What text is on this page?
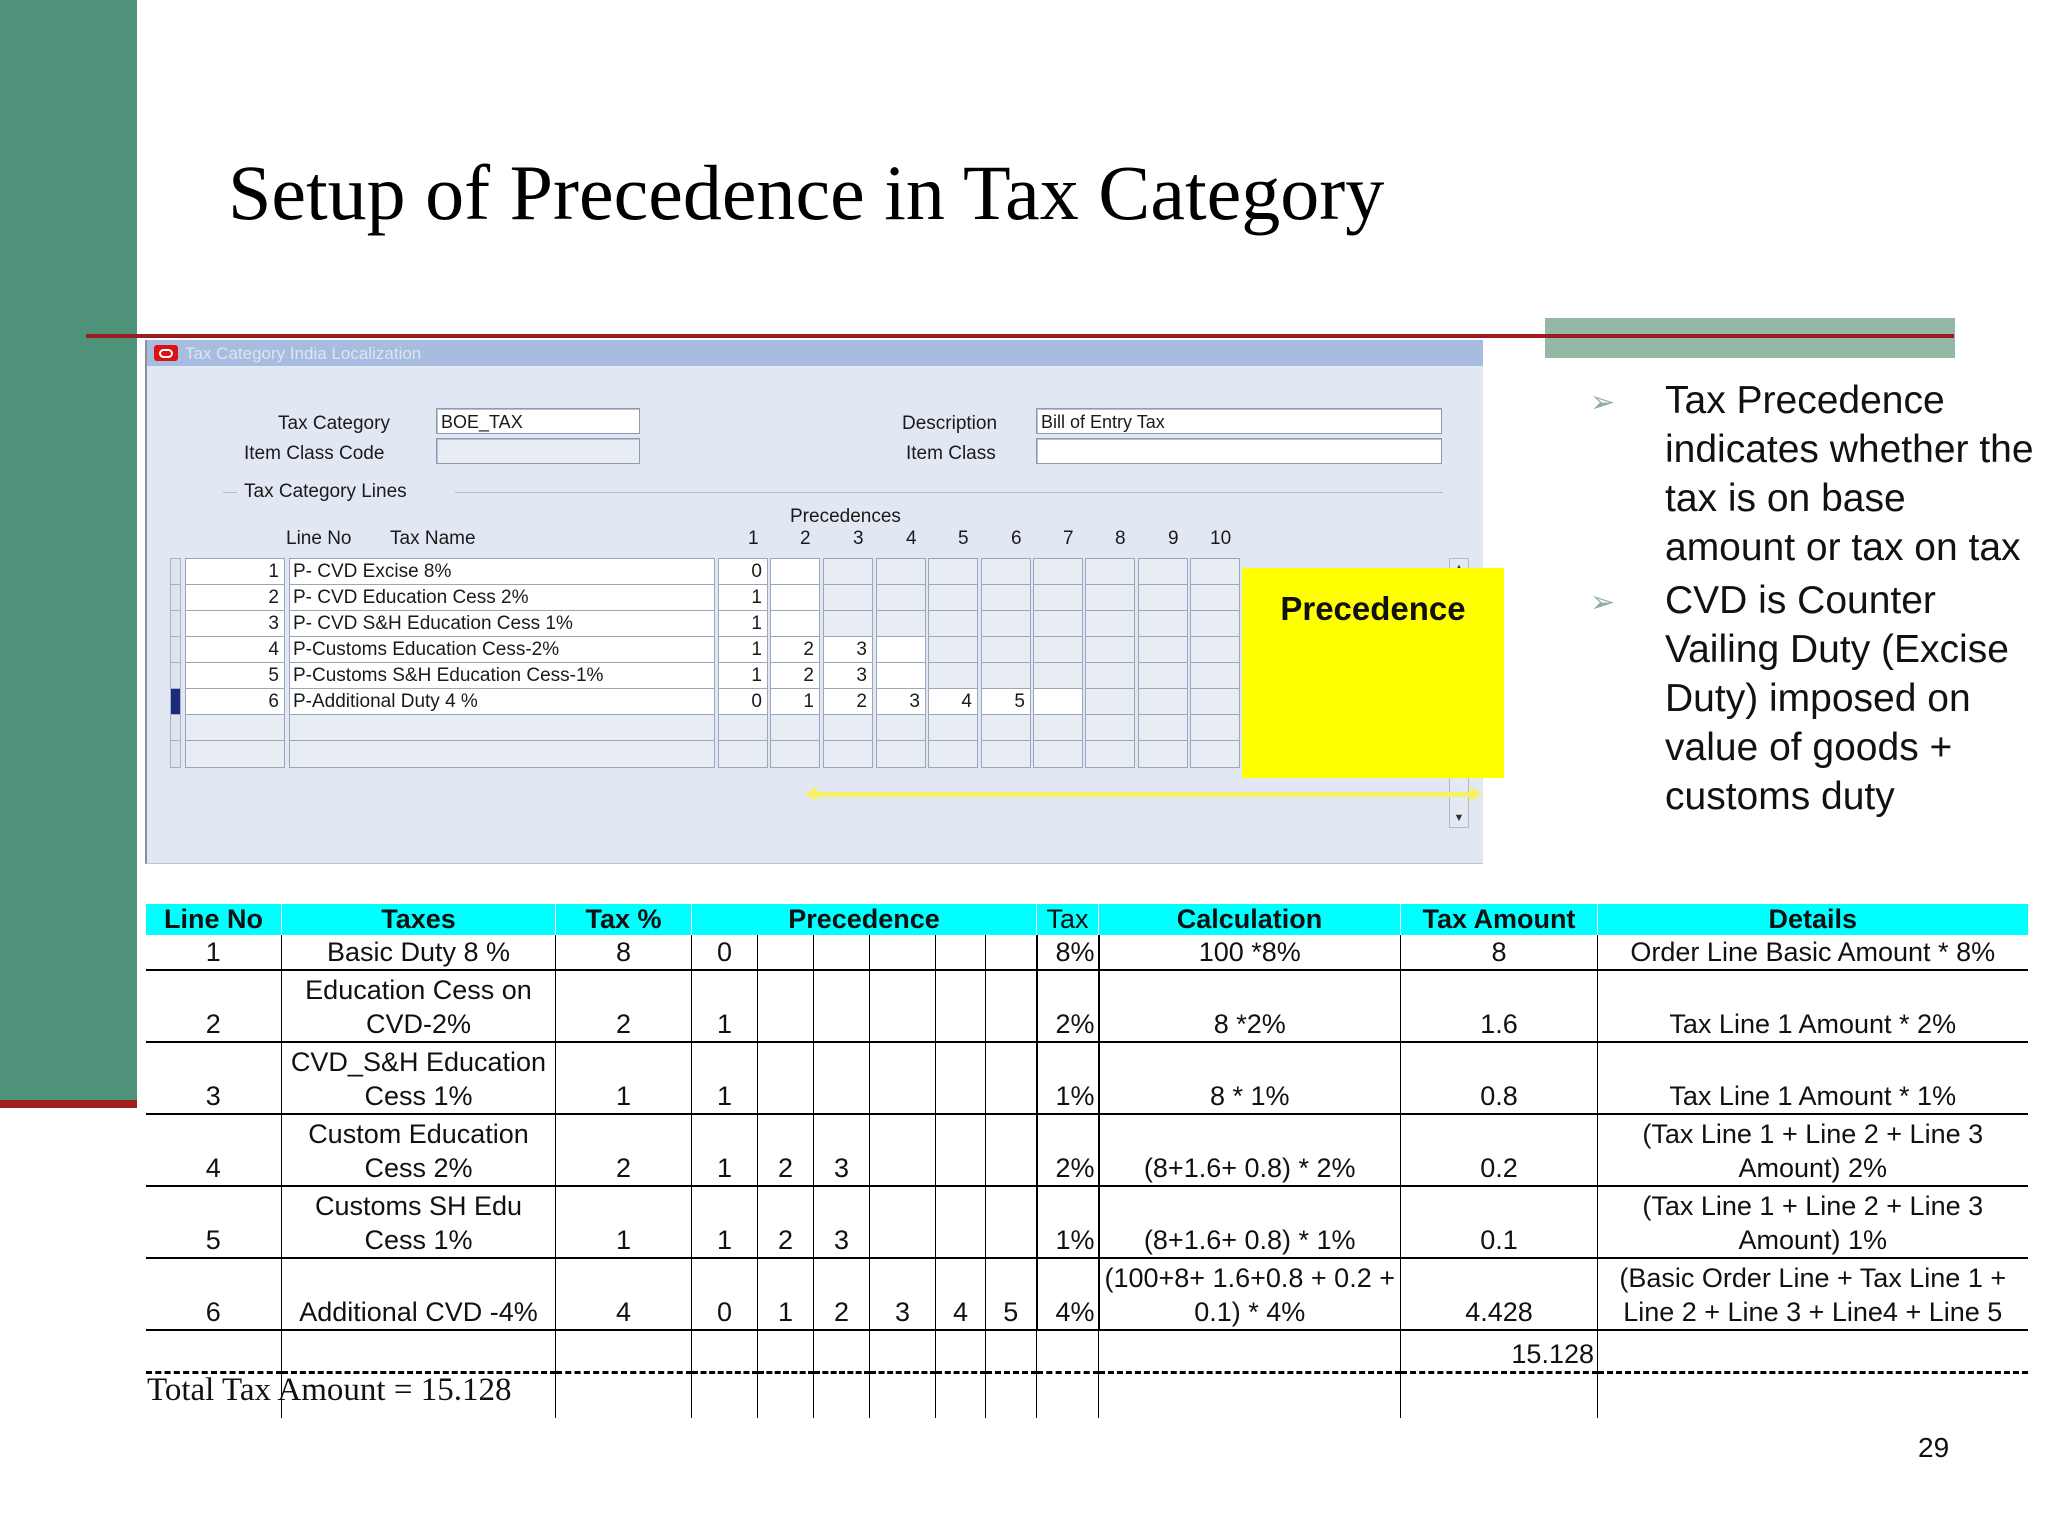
Setup of Precedence in Tax Category
Tax Category India Localization
Tax Category	BOE_TAX
Item Class Code
Description Bill of Entry Tax
Item Class
Tax Category Lines
Precedences
Line No Tax Name	1 2 3 4 5 6 7 8 9 10
1 P- CVD Excise 8%	0
2 P- CVD Education Cess 2%	1
3 P- CVD S&H Education Cess 1%	1
4 P-Customs Education Cess-2%	1	2	3
5 P-Customs S&H Education Cess-1%	1	2	3
6 P-Additional Duty 4 %	0	1	2	3	4	5
▼
Precedence
➢ Tax Precedence indicates whether the tax is on base amount or tax on tax
➢ CVD is Counter Vailing Duty (Excise Duty) imposed on value of goods + customs duty
Line No	Taxes	Tax %	Precedence						Tax	Calculation	Tax Amount	Details
1	Basic Duty 8 %	8	0						8%	100 *8%	8	Order Line Basic Amount * 8%
2	Education Cess on CVD-2%	2	1						2%	8 *2%	1.6	Tax Line 1 Amount * 2%
3	CVD_S&H Education Cess 1%	1	1						1%	8 * 1%	0.8	Tax Line 1 Amount * 1%
4	Custom Education Cess 2%	2	1	2	3				2%	(8+1.6+ 0.8) * 2%	0.2	(Tax Line 1 + Line 2 + Line 3 Amount) 2%
5	Customs SH Edu Cess 1%	1	1	2	3				1%	(8+1.6+ 0.8) * 1%	0.1	(Tax Line 1 + Line 2 + Line 3 Amount) 1%
6	Additional CVD -4%	4	0	1	2	3	4	5	4%	(100+8+ 1.6+0.8 + 0.2 + 0.1) * 4%	4.428	(Basic Order Line + Tax Line 1 + Line 2 + Line 3 + Line4 + Line 5
											15.128	

Total Tax Amount = 15.128
29
